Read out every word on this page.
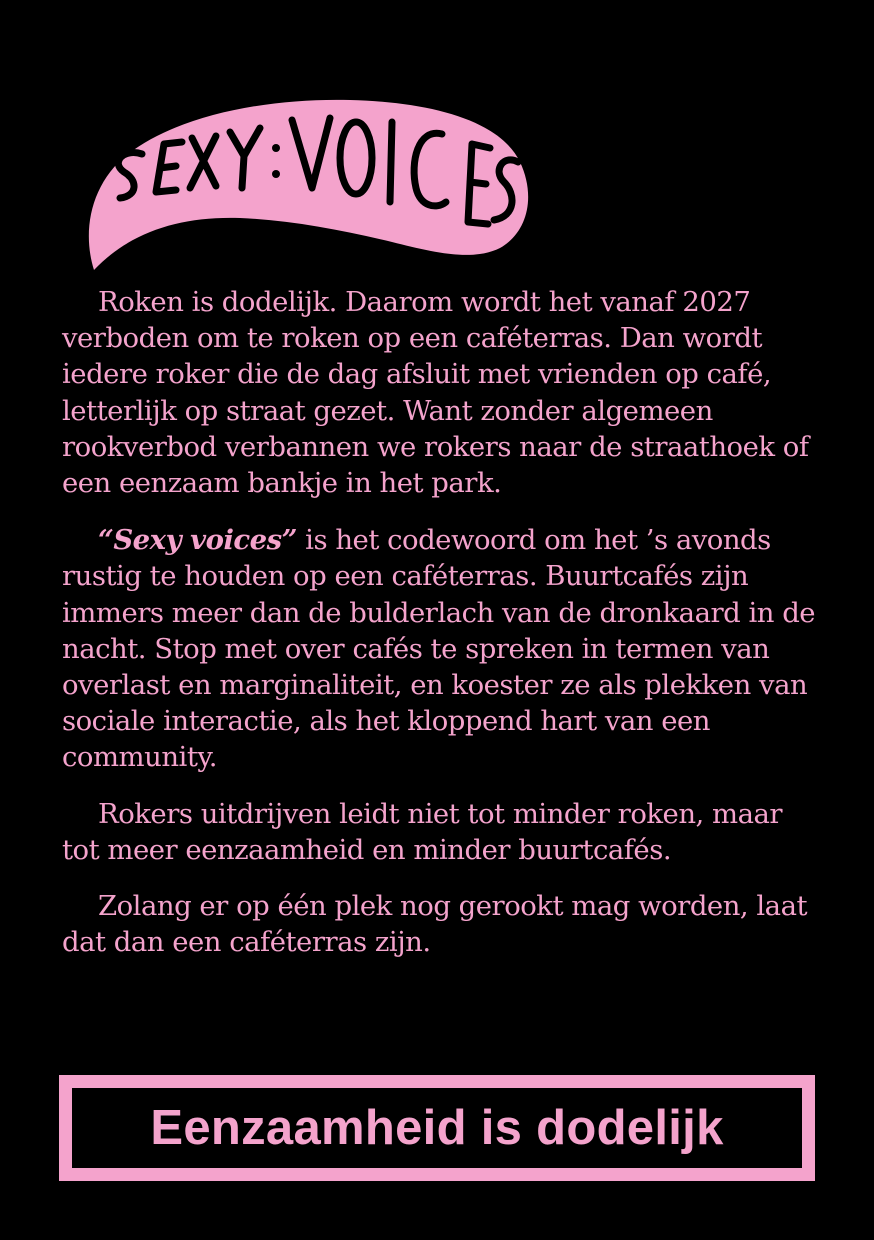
Roken is dodelijk. Daarom wordt het vanaf 2027 verboden om te roken op een caféterras. Dan wordt iedere roker die de dag afsluit met vrienden op café, letterlijk op straat gezet. Want zonder algemeen rookverbod verbannen we rokers naar de straathoek of een eenzaam bankje in het park.

“Sexy voices” is het codewoord om het ’s avonds rustig te houden op een caféterras. Buurtcafés zijn immers meer dan de bulderlach van de dronkaard in de nacht. Stop met over cafés te spreken in termen van overlast en marginaliteit, en koester ze als plekken van sociale interactie, als het kloppend hart van een community.

Rokers uitdrijven leidt niet tot minder roken, maar tot meer eenzaamheid en minder buurtcafés.

Zolang er op één plek nog gerookt mag worden, laat dat dan een caféterras zijn.

Eenzaamheid is dodelijk
